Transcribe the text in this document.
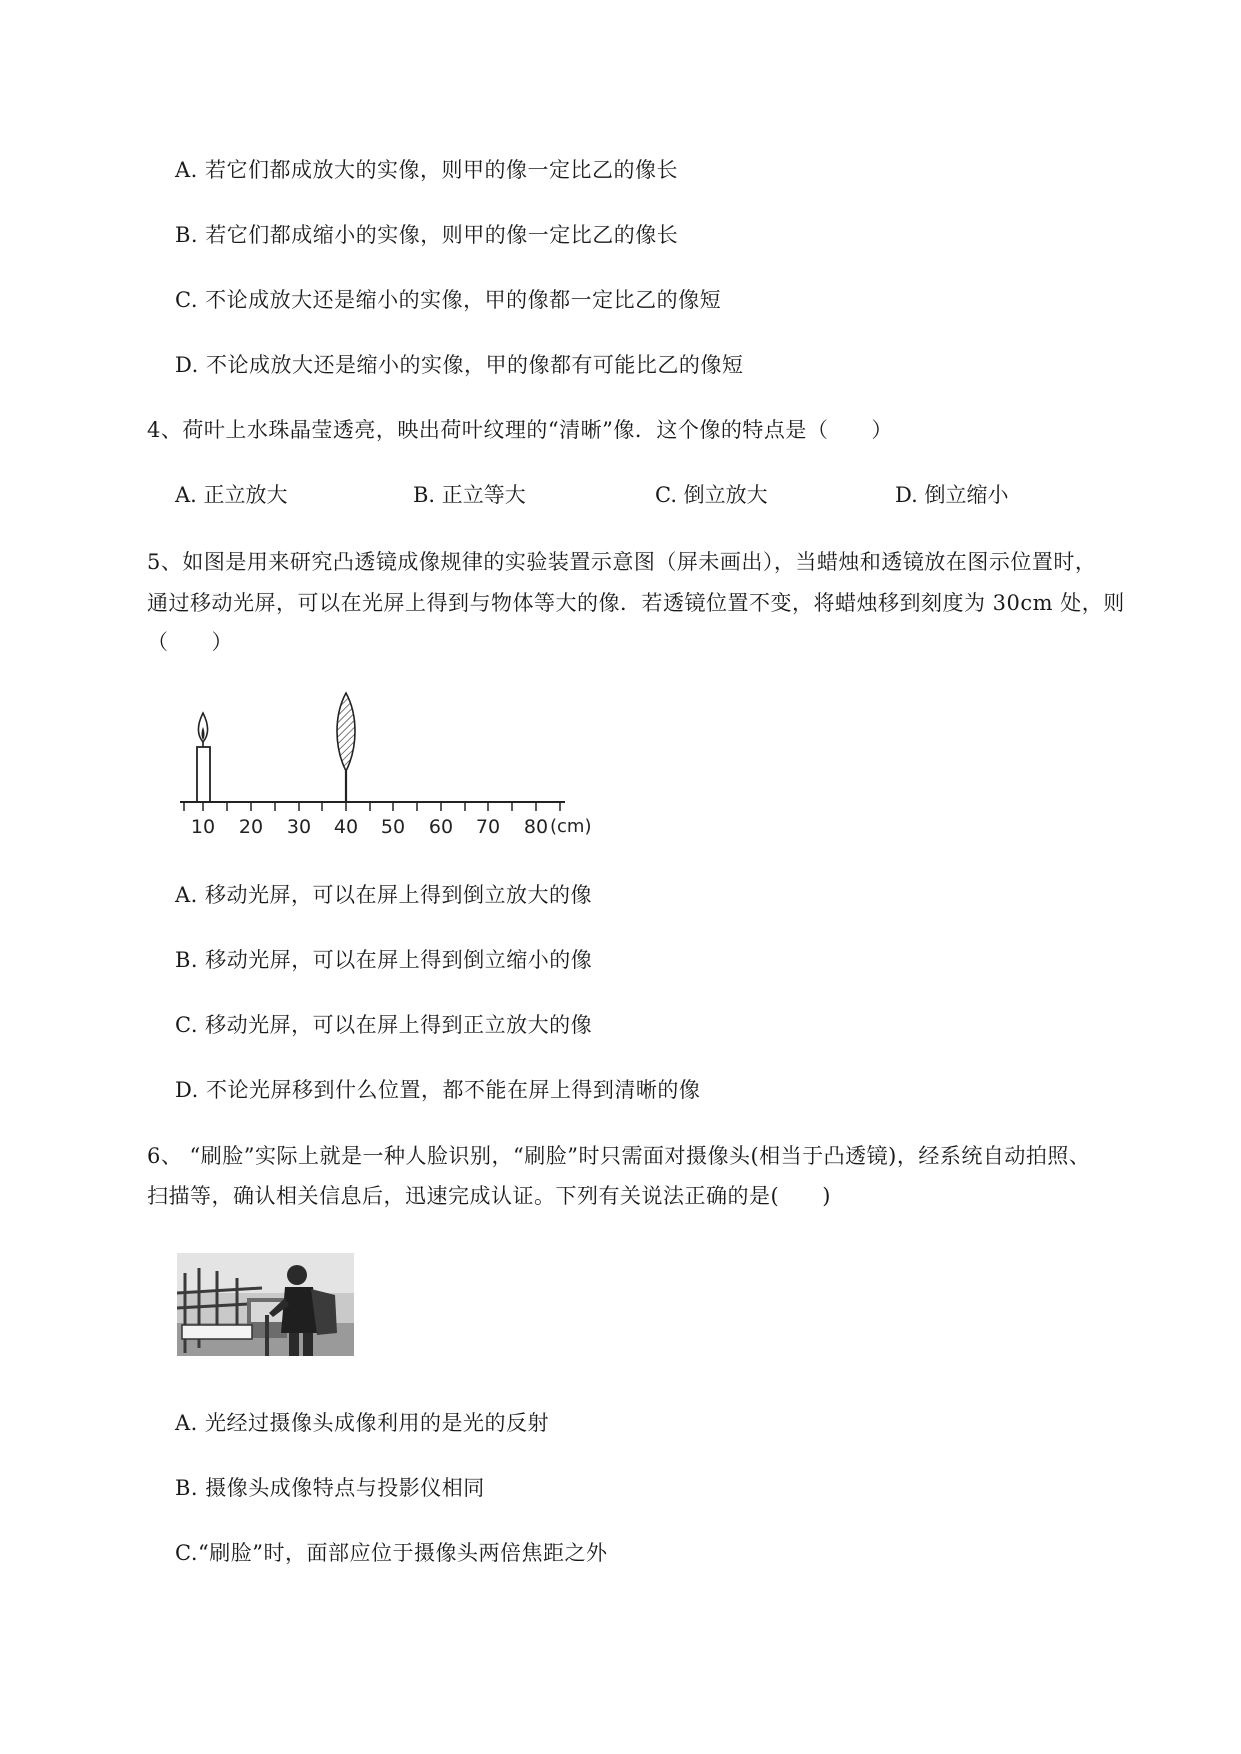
A. 若它们都成放大的实像，则甲的像一定比乙的像长
B. 若它们都成缩小的实像，则甲的像一定比乙的像长
C. 不论成放大还是缩小的实像，甲的像都一定比乙的像短
D. 不论成放大还是缩小的实像，甲的像都有可能比乙的像短
4、荷叶上水珠晶莹透亮，映出荷叶纹理的“清晰”像．这个像的特点是（　　）
A. 正立放大	B. 正立等大	C. 倒立放大	D. 倒立缩小
5、如图是用来研究凸透镜成像规律的实验装置示意图（屏未画出），当蜡烛和透镜放在图示位置时，
通过移动光屏，可以在光屏上得到与物体等大的像．若透镜位置不变，将蜡烛移到刻度为 30cm 处，则
（　　）
10 20 30 40 50 60 70 80 (cm)
A. 移动光屏，可以在屏上得到倒立放大的像
B. 移动光屏，可以在屏上得到倒立缩小的像
C. 移动光屏，可以在屏上得到正立放大的像
D. 不论光屏移到什么位置，都不能在屏上得到清晰的像
6、 “刷脸”实际上就是一种人脸识别，“刷脸”时只需面对摄像头(相当于凸透镜)，经系统自动拍照、
扫描等，确认相关信息后，迅速完成认证。下列有关说法正确的是(　　)
A. 光经过摄像头成像利用的是光的反射
B. 摄像头成像特点与投影仪相同
C.“刷脸”时，面部应位于摄像头两倍焦距之外
